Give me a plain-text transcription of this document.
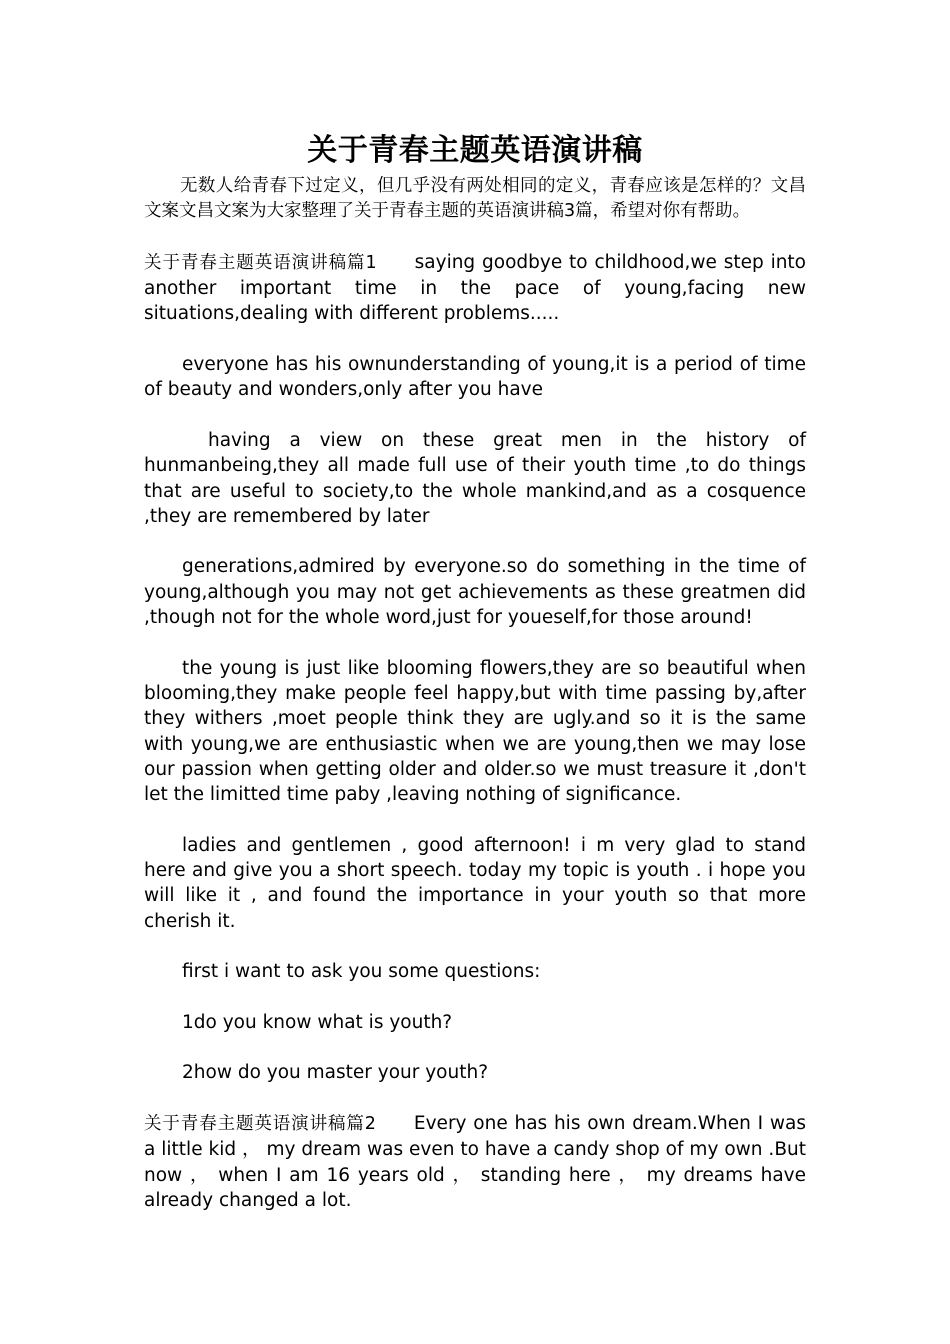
关于青春主题英语演讲稿

无数人给青春下过定义，但几乎没有两处相同的定义，青春应该是怎样的？文昌文案文昌文案为大家整理了关于青春主题的英语演讲稿3篇，希望对你有帮助。

关于青春主题英语演讲稿篇1 saying goodbye to childhood,we step into another important time in the pace of young,facing new situations,dealing with different problems.....

everyone has his ownunderstanding of young,it is a period of time of beauty and wonders,only after you have

having a view on these great men in the history of hunmanbeing,they all made full use of their youth time ,to do things that are useful to society,to the whole mankind,and as a cosquence ,they are remembered by later

generations,admired by everyone.so do something in the time of young,although you may not get achievements as these greatmen did ,though not for the whole word,just for youeself,for those around!

the young is just like blooming flowers,they are so beautiful when blooming,they make people feel happy,but with time passing by,after they withers ,moet people think they are ugly.and so it is the same with young,we are enthusiastic when we are young,then we may lose our passion when getting older and older.so we must treasure it ,don't let the limitted time paby ,leaving nothing of significance.

ladies and gentlemen , good afternoon! i m very glad to stand here and give you a short speech. today my topic is youth . i hope you will like it , and found the importance in your youth so that more cherish it.

first i want to ask you some questions:

1do you know what is youth?

2how do you master your youth?

关于青春主题英语演讲稿篇2 Every one has his own dream.When I was a little kid ， my dream was even to have a candy shop of my own .But now ， when I am 16 years old ， standing here ， my dreams have already changed a lot.
